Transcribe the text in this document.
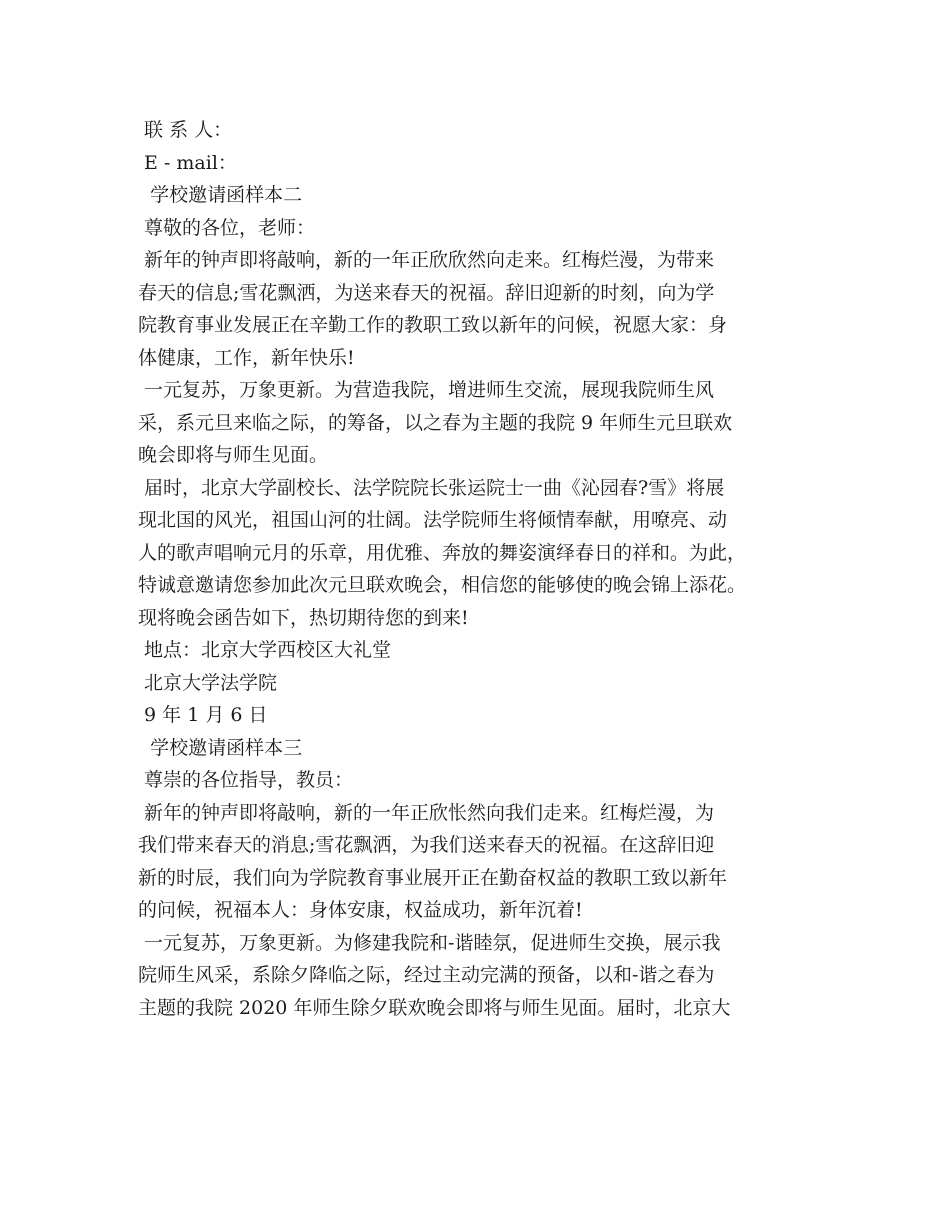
联 系 人：
E - mail：
学校邀请函样本二
尊敬的各位，老师：
新年的钟声即将敲响，新的一年正欣欣然向走来。红梅烂漫，为带来
春天的信息;雪花飘洒，为送来春天的祝福。辞旧迎新的时刻，向为学
院教育事业发展正在辛勤工作的教职工致以新年的问候，祝愿大家：身
体健康，工作，新年快乐!
一元复苏，万象更新。为营造我院，增进师生交流，展现我院师生风
采，系元旦来临之际，的筹备，以之春为主题的我院 9 年师生元旦联欢
晚会即将与师生见面。
届时，北京大学副校长、法学院院长张运院士一曲《沁园春?雪》将展
现北国的风光，祖国山河的壮阔。法学院师生将倾情奉献，用嘹亮、动
人的歌声唱响元月的乐章，用优雅、奔放的舞姿演绎春日的祥和。为此，
特诚意邀请您参加此次元旦联欢晚会，相信您的能够使的晚会锦上添花。
现将晚会函告如下，热切期待您的到来!
地点：北京大学西校区大礼堂
北京大学法学院
9 年 1 月 6 日
学校邀请函样本三
尊崇的各位指导，教员：
新年的钟声即将敲响，新的一年正欣怅然向我们走来。红梅烂漫，为
我们带来春天的消息;雪花飘洒，为我们送来春天的祝福。在这辞旧迎
新的时辰，我们向为学院教育事业展开正在勤奋权益的教职工致以新年
的问候，祝福本人：身体安康，权益成功，新年沉着!
一元复苏，万象更新。为修建我院和-谐睦氛，促进师生交换，展示我
院师生风采，系除夕降临之际，经过主动完满的预备，以和-谐之春为
主题的我院 2020 年师生除夕联欢晚会即将与师生见面。届时，北京大
